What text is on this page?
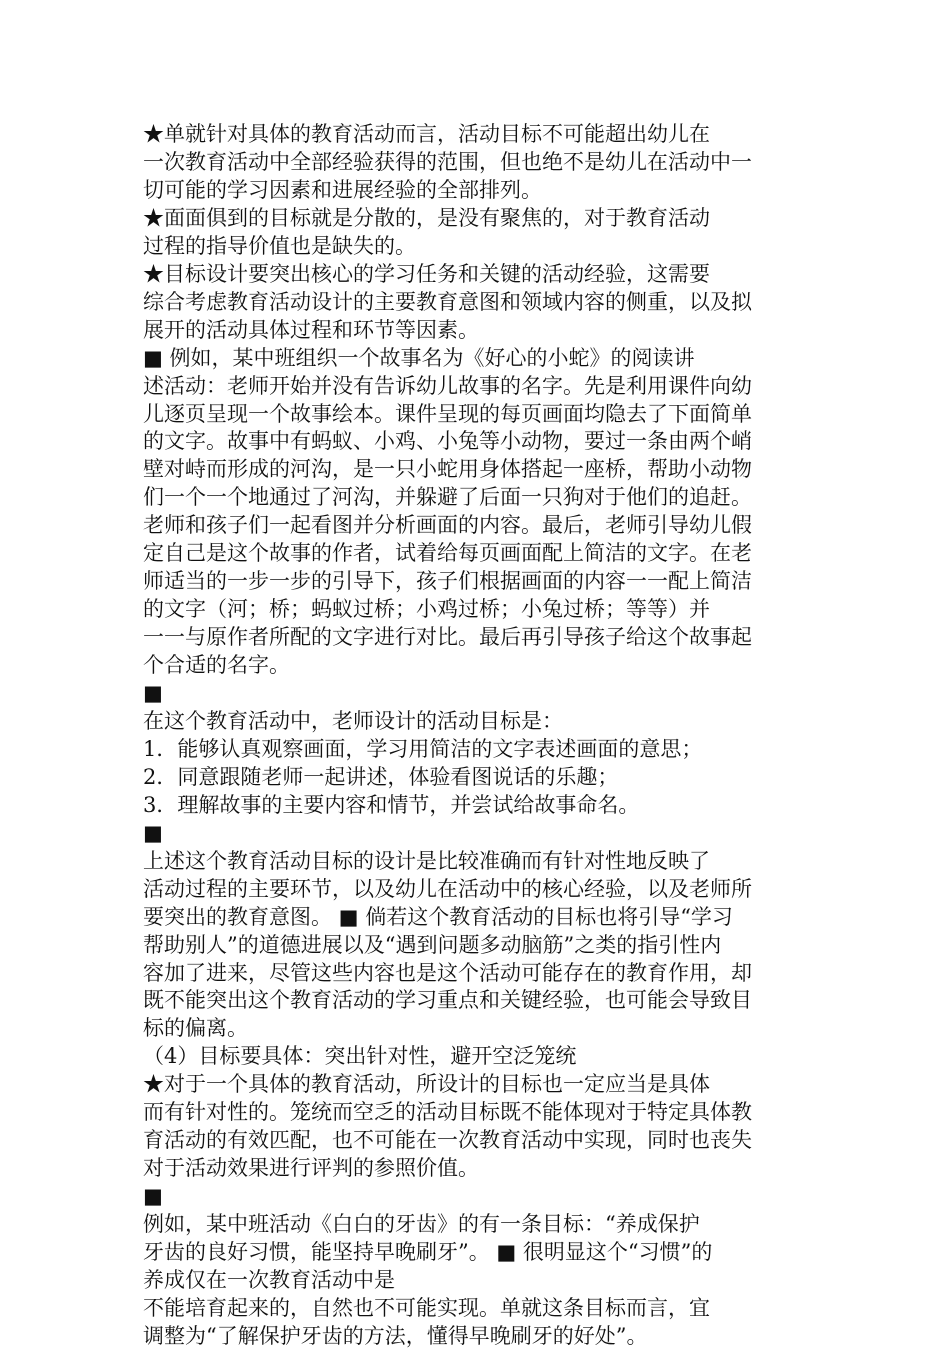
★单就针对具体的教育活动而言，活动目标不可能超出幼儿在
一次教育活动中全部经验获得的范围，但也绝不是幼儿在活动中一
切可能的学习因素和进展经验的全部排列。
★面面俱到的目标就是分散的，是没有聚焦的，对于教育活动
过程的指导价值也是缺失的。
★目标设计要突出核心的学习任务和关键的活动经验，这需要
综合考虑教育活动设计的主要教育意图和领域内容的侧重，以及拟
展开的活动具体过程和环节等因素。
■ 例如，某中班组织一个故事名为《好心的小蛇》的阅读讲
述活动：老师开始并没有告诉幼儿故事的名字。先是利用课件向幼
儿逐页呈现一个故事绘本。课件呈现的每页画面均隐去了下面简单
的文字。故事中有蚂蚁、小鸡、小兔等小动物，要过一条由两个峭
壁对峙而形成的河沟，是一只小蛇用身体搭起一座桥，帮助小动物
们一个一个地通过了河沟，并躲避了后面一只狗对于他们的追赶。
老师和孩子们一起看图并分析画面的内容。最后，老师引导幼儿假
定自己是这个故事的作者，试着给每页画面配上简洁的文字。在老
师适当的一步一步的引导下，孩子们根据画面的内容一一配上简洁
的文字（河；桥；蚂蚁过桥；小鸡过桥；小兔过桥；等等）并
一一与原作者所配的文字进行对比。最后再引导孩子给这个故事起
个合适的名字。
■
在这个教育活动中，老师设计的活动目标是：
1．能够认真观察画面，学习用简洁的文字表述画面的意思；
2．同意跟随老师一起讲述，体验看图说话的乐趣；
3．理解故事的主要内容和情节，并尝试给故事命名。
■
上述这个教育活动目标的设计是比较准确而有针对性地反映了
活动过程的主要环节，以及幼儿在活动中的核心经验，以及老师所
要突出的教育意图。 ■ 倘若这个教育活动的目标也将引导“学习
帮助别人”的道德进展以及“遇到问题多动脑筋”之类的指引性内
容加了进来，尽管这些内容也是这个活动可能存在的教育作用，却
既不能突出这个教育活动的学习重点和关键经验，也可能会导致目
标的偏离。
（4）目标要具体：突出针对性，避开空泛笼统
★对于一个具体的教育活动，所设计的目标也一定应当是具体
而有针对性的。笼统而空乏的活动目标既不能体现对于特定具体教
育活动的有效匹配，也不可能在一次教育活动中实现，同时也丧失
对于活动效果进行评判的参照价值。
■
例如，某中班活动《白白的牙齿》的有一条目标：“养成保护
牙齿的良好习惯，能坚持早晚刷牙”。 ■ 很明显这个“习惯”的
养成仅在一次教育活动中是
不能培育起来的，自然也不可能实现。单就这条目标而言，宜
调整为“了解保护牙齿的方法，懂得早晚刷牙的好处”。
